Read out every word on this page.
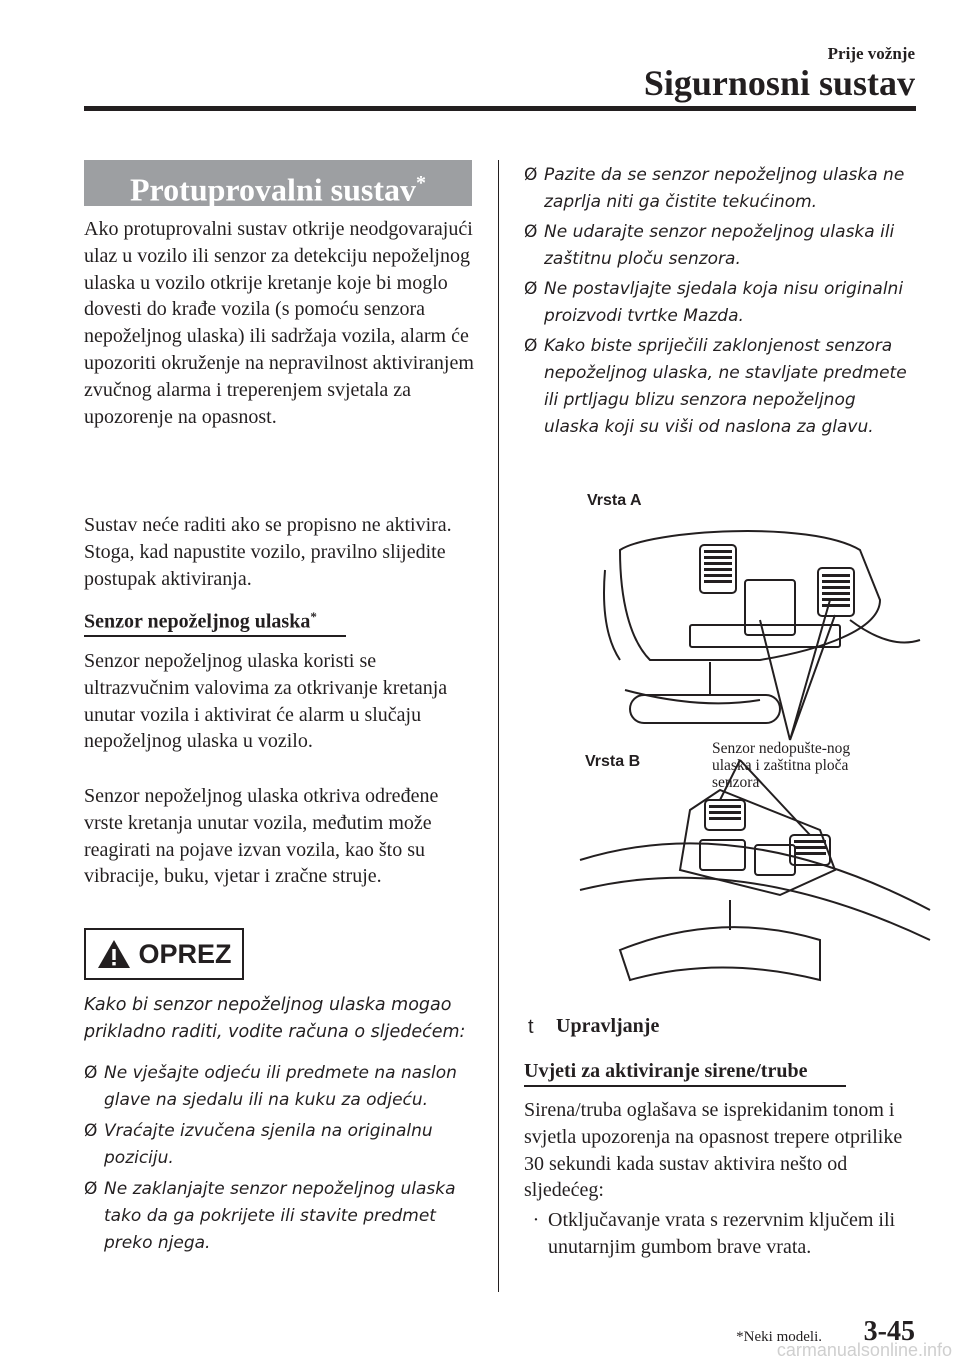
Prije vožnje
Sigurnosni sustav
Protuprovalni sustav*
Ako protuprovalni sustav otkrije neodgovarajući ulaz u vozilo ili senzor za detekciju nepoželjnog ulaska u vozilo otkrije kretanje koje bi moglo dovesti do krađe vozila (s pomoću senzora nepoželjnog ulaska) ili sadržaja vozila, alarm će upozoriti okruženje na nepravilnost aktiviranjem zvučnog alarma i treperenjem svjetala za upozorenje na opasnost.
Sustav neće raditi ako se propisno ne aktivira. Stoga, kad napustite vozilo, pravilno slijedite postupak aktiviranja.
Senzor nepoželjnog ulaska*
Senzor nepoželjnog ulaska koristi se ultrazvučnim valovima za otkrivanje kretanja unutar vozila i aktivirat će alarm u slučaju nepoželjnog ulaska u vozilo.
Senzor nepoželjnog ulaska otkriva određene vrste kretanja unutar vozila, međutim može reagirati na pojave izvan vozila, kao što su vibracije, buku, vjetar i zračne struje.
OPREZ
Kako bi senzor nepoželjnog ulaska mogao prikladno raditi, vodite računa o sljedećem:
Ø Ne vješajte odjeću ili predmete na naslon glave na sjedalu ili na kuku za odjeću.
Ø Vraćajte izvučena sjenila na originalnu poziciju.
Ø Ne zaklanjajte senzor nepoželjnog ulaska tako da ga pokrijete ili stavite predmet preko njega.
Ø Pazite da se senzor nepoželjnog ulaska ne zaprlja niti ga čistite tekućinom.
Ø Ne udarajte senzor nepoželjnog ulaska ili zaštitnu ploču senzora.
Ø Ne postavljajte sjedala koja nisu originalni proizvodi tvrtke Mazda.
Ø Kako biste spriječili zaklonjenost senzora nepoželjnog ulaska, ne stavljate predmete ili prtljagu blizu senzora nepoželjnog ulaska koji su viši od naslona za glavu.
Vrsta A
Vrsta B
Senzor nedopušte-nog ulaska i zaštitna ploča senzora
t Upravljanje
Uvjeti za aktiviranje sirene/trube
Sirena/truba oglašava se isprekidanim tonom i svjetla upozorenja na opasnost trepere otprilike 30 sekundi kada sustav aktivira nešto od sljedećeg:
· Otključavanje vrata s rezervnim ključem ili unutarnjim gumbom brave vrata.
*Neki modeli. 3-45
carmanualsonline.info
